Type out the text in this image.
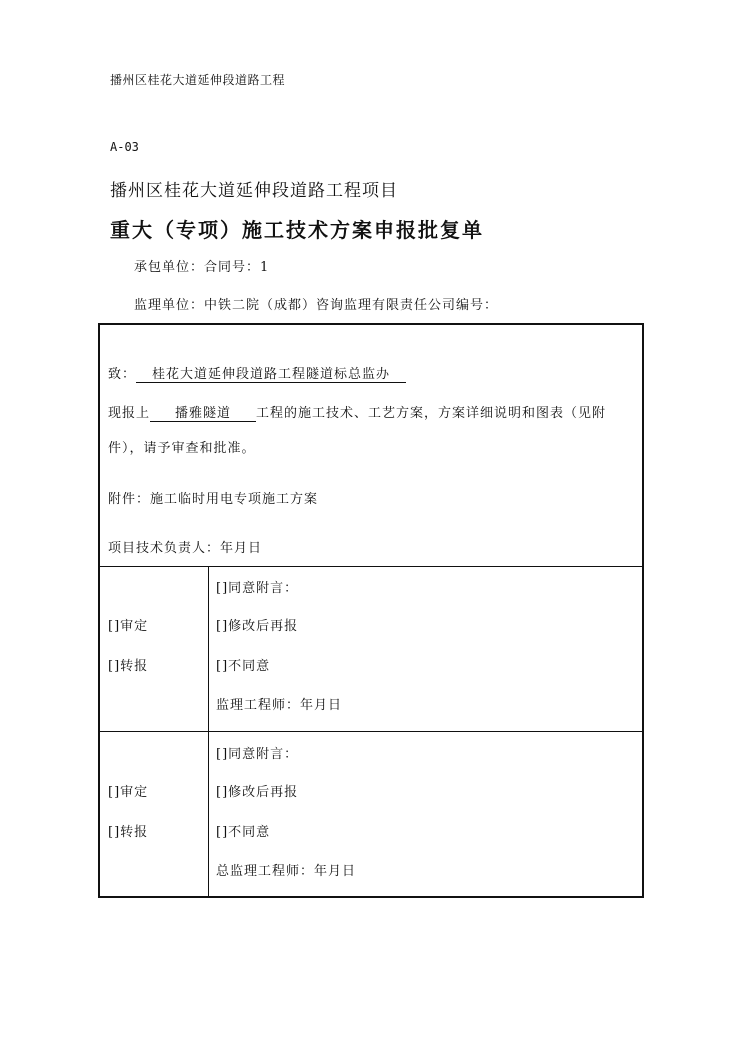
播州区桂花大道延伸段道路工程
A-03
播州区桂花大道延伸段道路工程项目
重大（专项）施工技术方案申报批复单
承包单位：合同号：1
监理单位：中铁二院（成都）咨询监理有限责任公司编号：
致： 桂花大道延伸段道路工程隧道标总监办
现报上 播雅隧道 工程的施工技术、工艺方案，方案详细说明和图表（见附
件），请予审查和批准。
附件：施工临时用电专项施工方案
项目技术负责人：年月日
[]审定
[]转报
[]同意附言：
[]修改后再报
[]不同意
监理工程师：年月日
[]审定
[]转报
[]同意附言：
[]修改后再报
[]不同意
总监理工程师：年月日
